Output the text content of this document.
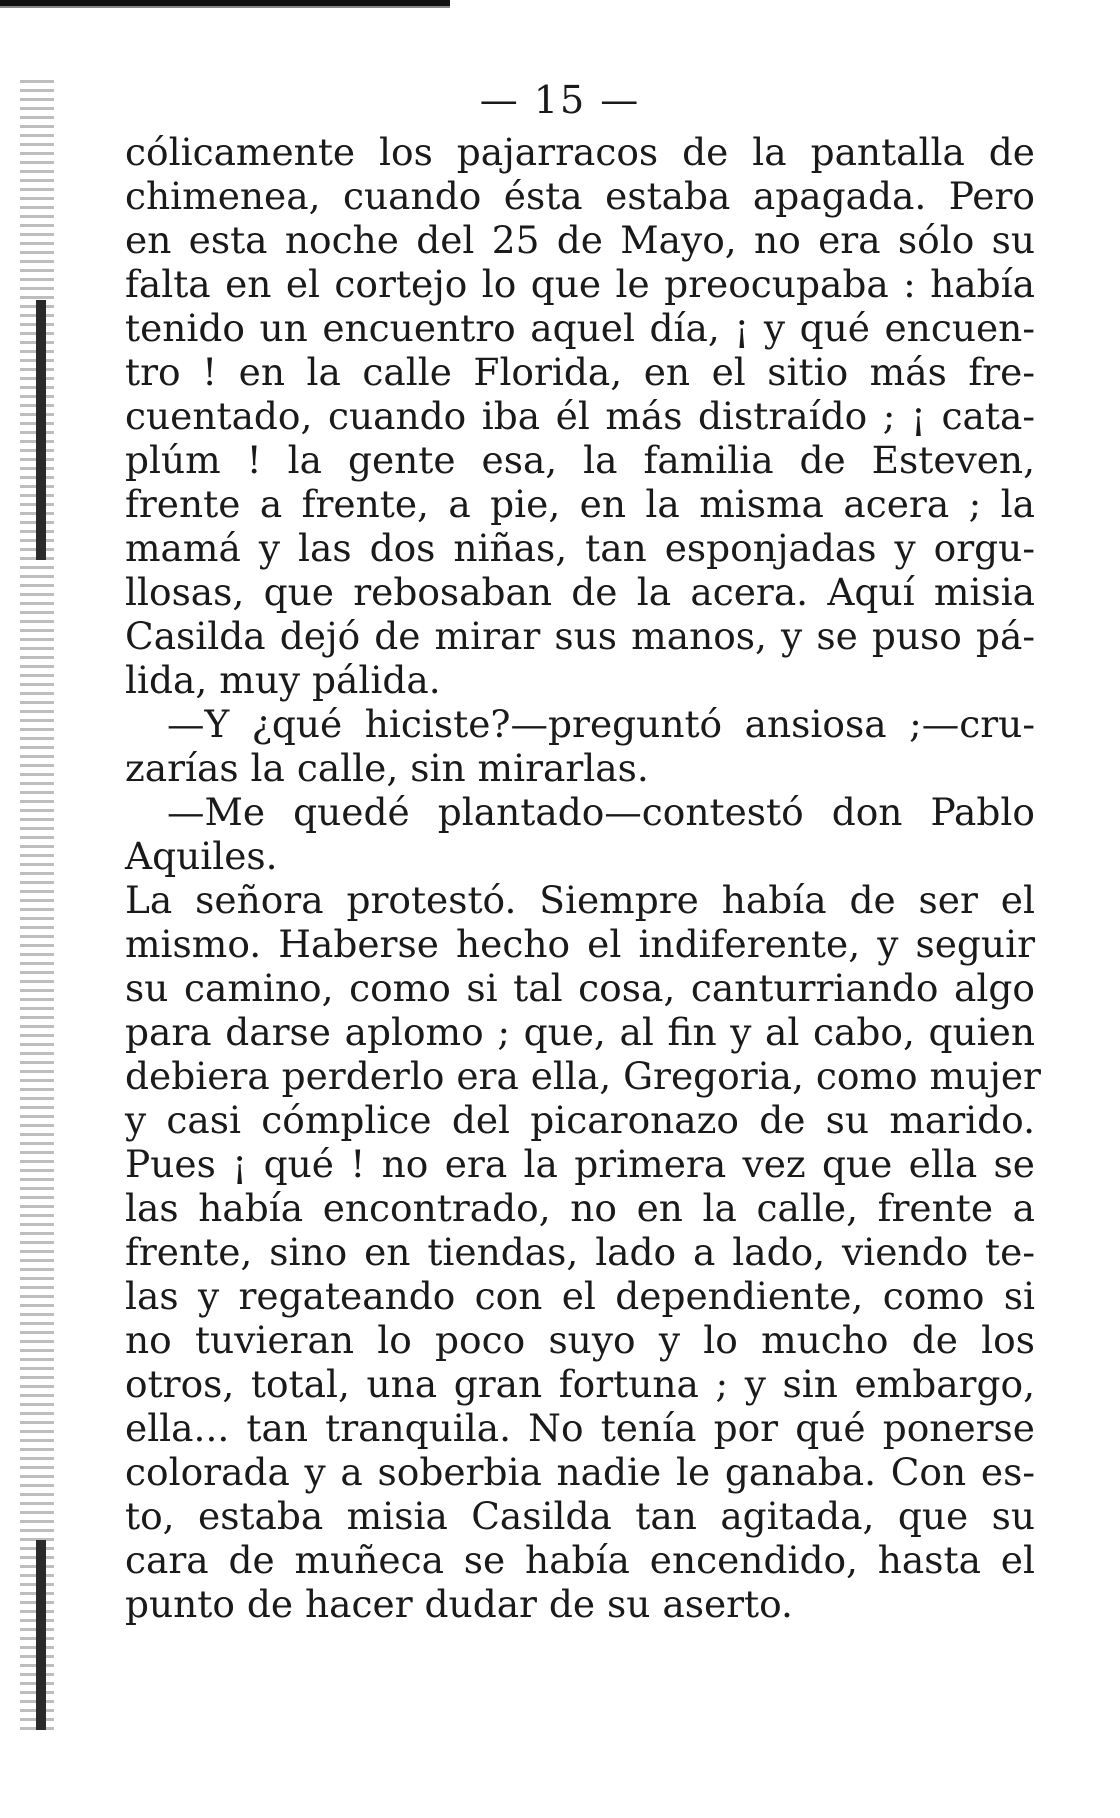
— 15 —
cólicamente los pajarracos de la pantalla de
chimenea, cuando ésta estaba apagada. Pero
en esta noche del 25 de Mayo, no era sólo su
falta en el cortejo lo que le preocupaba : había
tenido un encuentro aquel día, ¡ y qué encuen-
tro ! en la calle Florida, en el sitio más fre-
cuentado, cuando iba él más distraído ; ¡ cata-
plúm ! la gente esa, la familia de Esteven,
frente a frente, a pie, en la misma acera ; la
mamá y las dos niñas, tan esponjadas y orgu-
llosas, que rebosaban de la acera. Aquí misia
Casilda dejó de mirar sus manos, y se puso pá-
lida, muy pálida.
—Y ¿qué hiciste?—preguntó ansiosa ;—cru-
zarías la calle, sin mirarlas.
—Me quedé plantado—contestó don Pablo
Aquiles.
La señora protestó. Siempre había de ser el
mismo. Haberse hecho el indiferente, y seguir
su camino, como si tal cosa, canturriando algo
para darse aplomo ; que, al fin y al cabo, quien
debiera perderlo era ella, Gregoria, como mujer
y casi cómplice del picaronazo de su marido.
Pues ¡ qué ! no era la primera vez que ella se
las había encontrado, no en la calle, frente a
frente, sino en tiendas, lado a lado, viendo te-
las y regateando con el dependiente, como si
no tuvieran lo poco suyo y lo mucho de los
otros, total, una gran fortuna ; y sin embargo,
ella... tan tranquila. No tenía por qué ponerse
colorada y a soberbia nadie le ganaba. Con es-
to, estaba misia Casilda tan agitada, que su
cara de muñeca se había encendido, hasta el
punto de hacer dudar de su aserto.
